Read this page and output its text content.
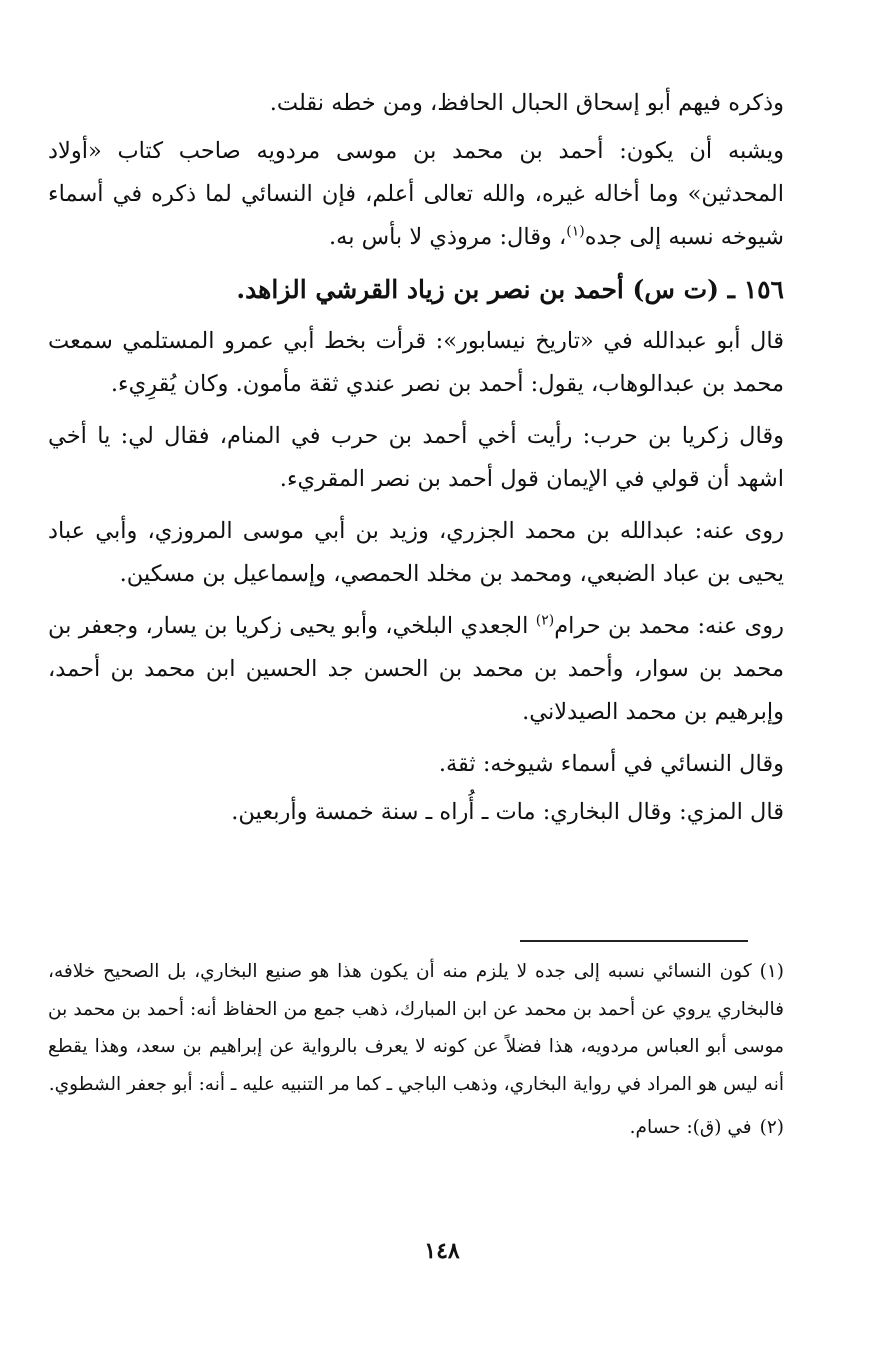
وذكره فيهم أبو إسحاق الحبال الحافظ، ومن خطه نقلت.

ويشبه أن يكون: أحمد بن محمد بن موسى مردويه صاحب كتاب «أولاد المحدثين» وما أخاله غيره، والله تعالى أعلم، فإن النسائي لما ذكره في أسماء شيوخه نسبه إلى جده$^{(١)}$، وقال: مروذي لا بأس به.

١٥٦ ـ (ت س) أحمد بن نصر بن زياد القرشي الزاهد.

قال أبو عبدالله في «تاريخ نيسابور»: قرأت بخط أبي عمرو المستلمي سمعت محمد بن عبدالوهاب، يقول: أحمد بن نصر عندي ثقة مأمون. وكان يُقرِيء.

وقال زكريا بن حرب: رأيت أخي أحمد بن حرب في المنام، فقال لي: يا أخي اشهد أن قولي في الإيمان قول أحمد بن نصر المقريء.

روى عنه: عبدالله بن محمد الجزري، وزيد بن أبي موسى المروزي، وأبي عباد يحيى بن عباد الضبعي، ومحمد بن مخلد الحمصي، وإسماعيل بن مسكين.

روى عنه: محمد بن حرام$^{(٢)}$ الجعدي البلخي، وأبو يحيى زكريا بن يسار، وجعفر بن محمد بن سوار، وأحمد بن محمد بن الحسن جد الحسين ابن محمد بن أحمد، وإبرهيم بن محمد الصيدلاني.

وقال النسائي في أسماء شيوخه: ثقة.

قال المزي: وقال البخاري: مات ـ أُراه ـ سنة خمسة وأربعين.

(١)كون النسائي نسبه إلى جده لا يلزم منه أن يكون هذا هو صنيع البخاري، بل الصحيح خلافه، فالبخاري يروي عن أحمد بن محمد عن ابن المبارك، ذهب جمع من الحفاظ أنه: أحمد بن محمد بن موسى أبو العباس مردويه، هذا فضلاً عن كونه لا يعرف بالرواية عن إبراهيم بن سعد، وهذا يقطع أنه ليس هو المراد في رواية البخاري، وذهب الباجي ـ كما مر التنبيه عليه ـ أنه: أبو جعفر الشطوي.

(٢)في (ق): حسام.

١٤٨
